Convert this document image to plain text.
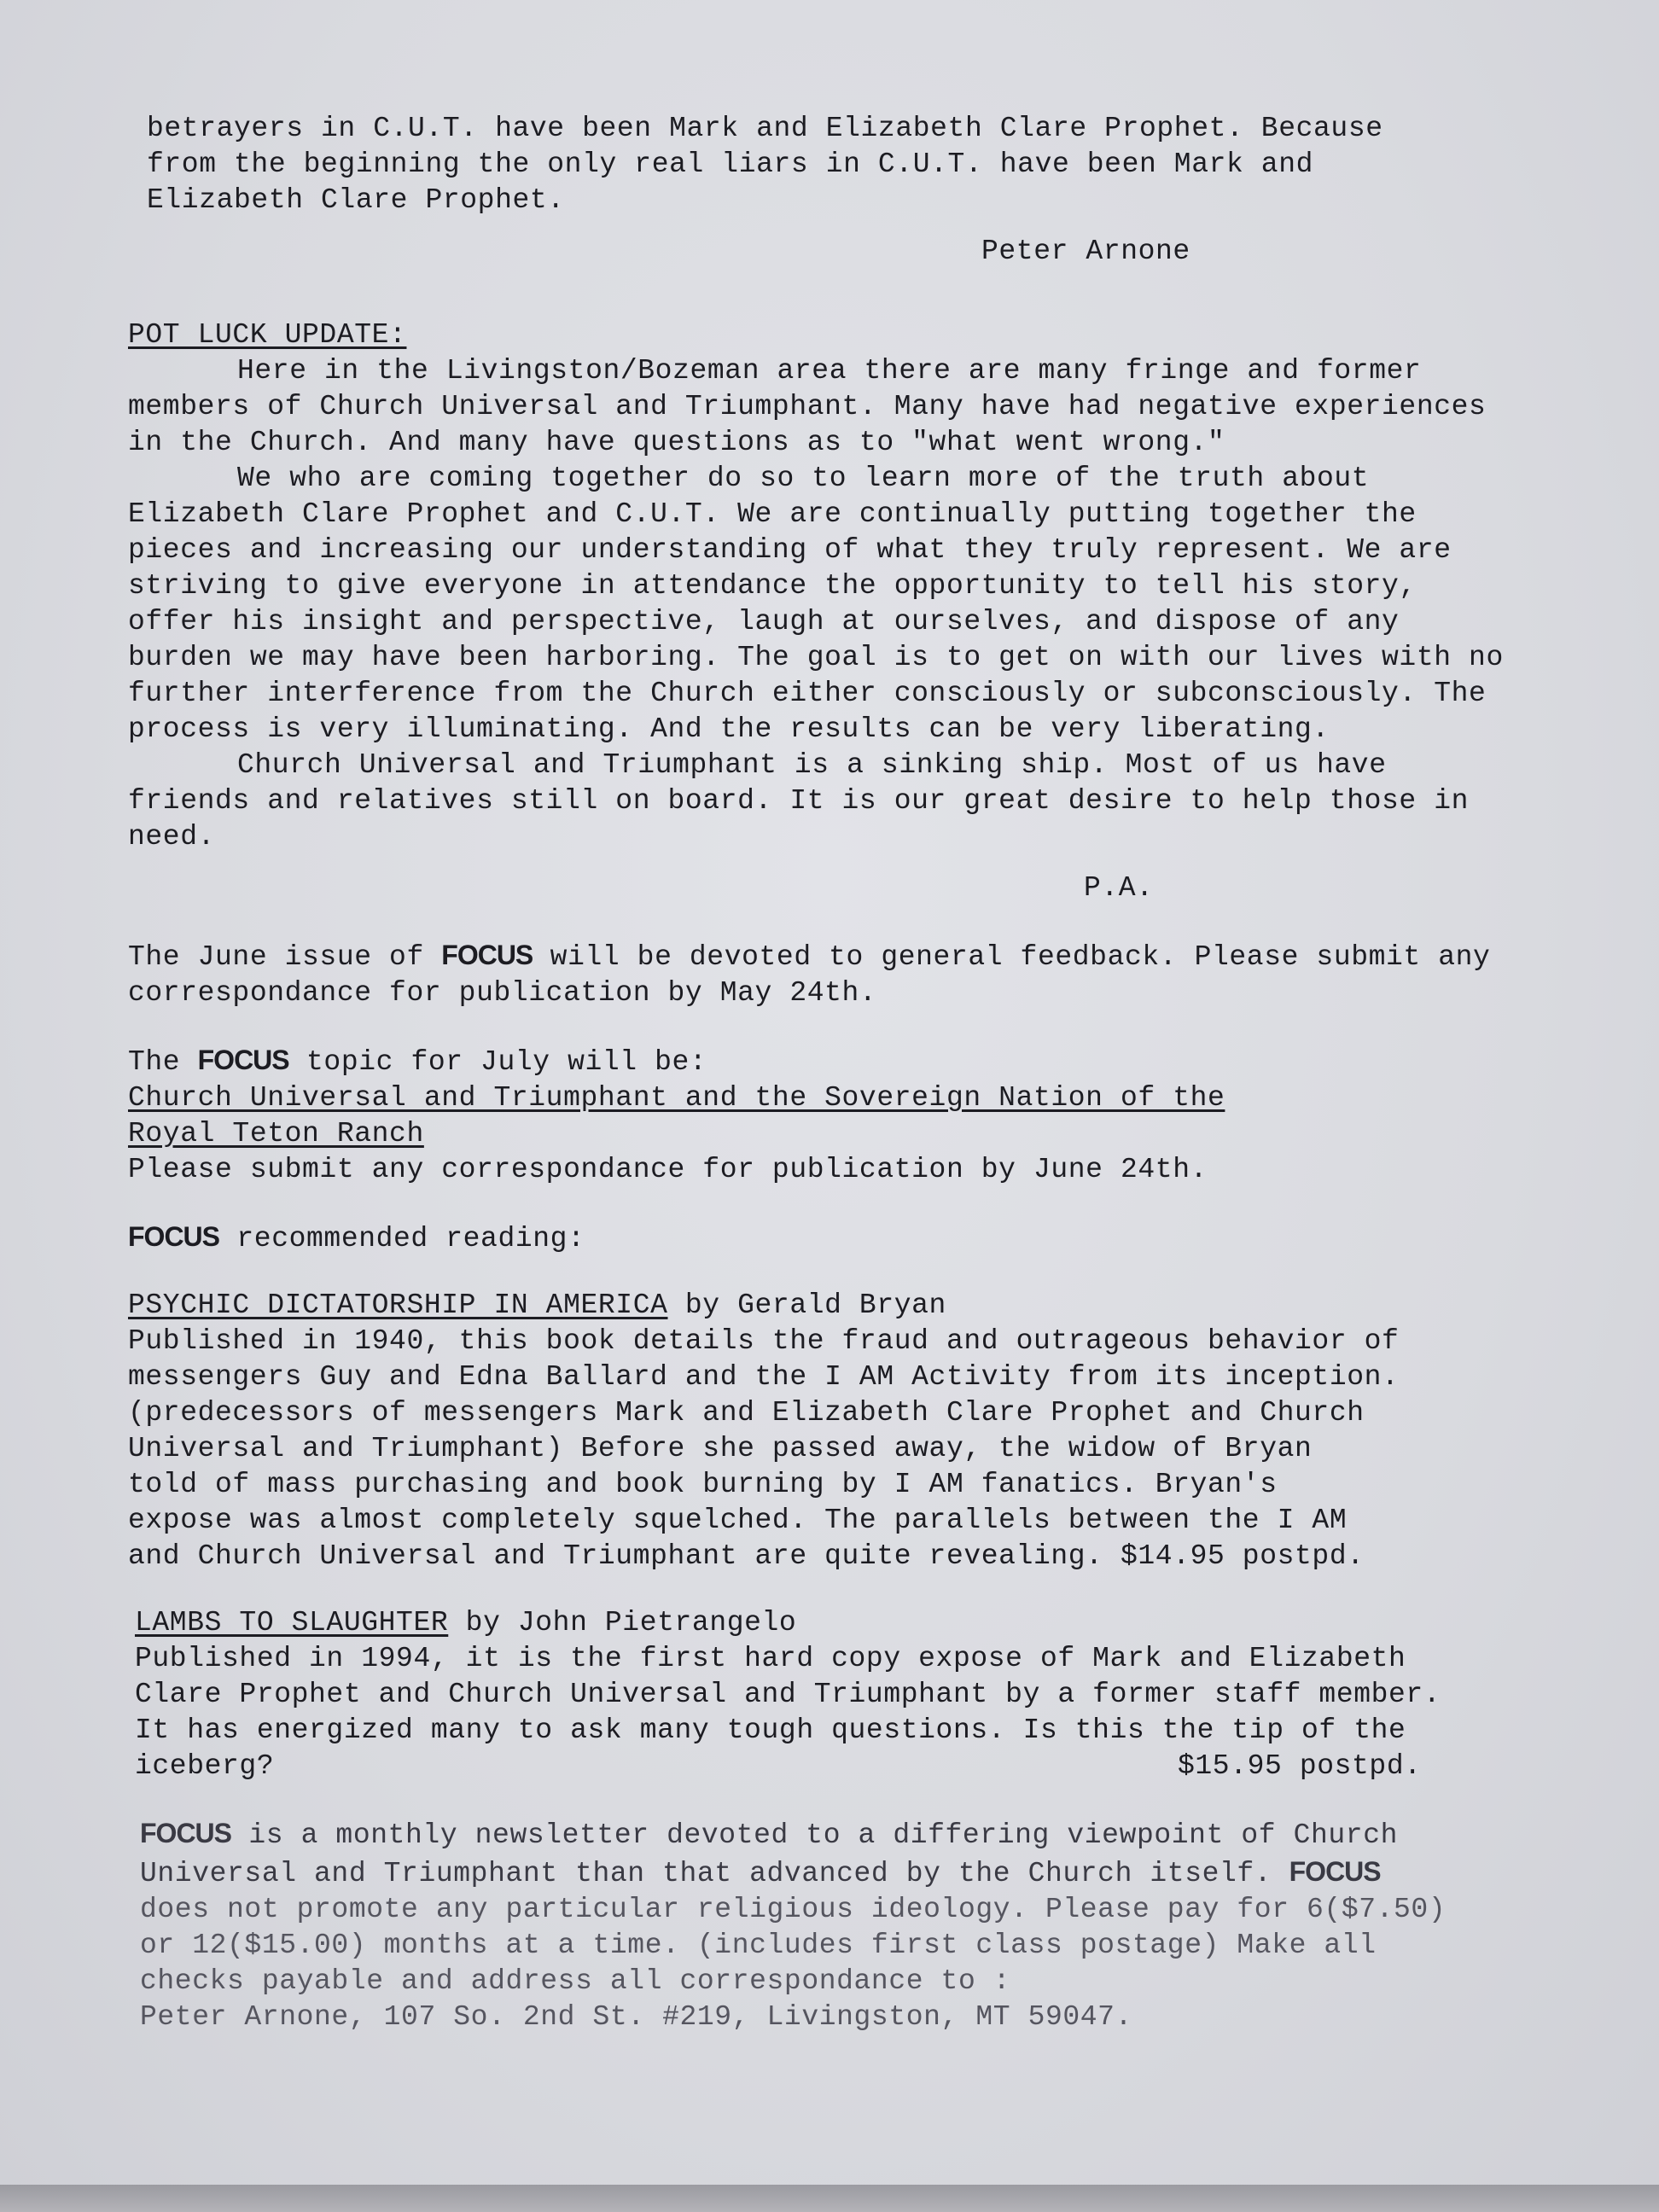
betrayers in C.U.T. have been Mark and Elizabeth Clare Prophet. Because
from the beginning the only real liars in C.U.T. have been Mark and
Elizabeth Clare Prophet.

Peter Arnone

POT LUCK UPDATE:

Here in the Livingston/Bozeman area there are many fringe and former members of Church Universal and Triumphant. Many have had negative experiences in the Church. And many have questions as to "what went wrong."

We who are coming together do so to learn more of the truth about Elizabeth Clare Prophet and C.U.T. We are continually putting together the pieces and increasing our understanding of what they truly represent. We are striving to give everyone in attendance the opportunity to tell his story, offer his insight and perspective, laugh at ourselves, and dispose of any burden we may have been harboring. The goal is to get on with our lives with no further interference from the Church either consciously or subconsciously. The process is very illuminating. And the results can be very liberating.

Church Universal and Triumphant is a sinking ship. Most of us have friends and relatives still on board. It is our great desire to help those in need.

P.A.

The June issue of FOCUS will be devoted to general feedback. Please submit any correspondance for publication by May 24th.

The FOCUS topic for July will be:

Church Universal and Triumphant and the Sovereign Nation of the
Royal Teton Ranch
Please submit any correspondance for publication by June 24th.

FOCUS recommended reading:

PSYCHIC DICTATORSHIP IN AMERICA by Gerald Bryan
Published in 1940, this book details the fraud and outrageous behavior of
messengers Guy and Edna Ballard and the I AM Activity from its inception.
(predecessors of messengers Mark and Elizabeth Clare Prophet and Church
Universal and Triumphant) Before she passed away, the widow of Bryan
told of mass purchasing and book burning by I AM fanatics. Bryan's
expose was almost completely squelched. The parallels between the I AM
and Church Universal and Triumphant are quite revealing. $14.95 postpd.
LAMBS TO SLAUGHTER by John Pietrangelo
Published in 1994, it is the first hard copy expose of Mark and Elizabeth
Clare Prophet and Church Universal and Triumphant by a former staff member.
It has energized many to ask many tough questions. Is this the tip of the
iceberg?	$15.95 postpd.
FOCUS is a monthly newsletter devoted to a differing viewpoint of Church
Universal and Triumphant than that advanced by the Church itself. FOCUS
does not promote any particular religious ideology. Please pay for 6($7.50)
or 12($15.00) months at a time. (includes first class postage) Make all
checks payable and address all correspondance to :
Peter Arnone, 107 So. 2nd St. #219, Livingston, MT 59047.
